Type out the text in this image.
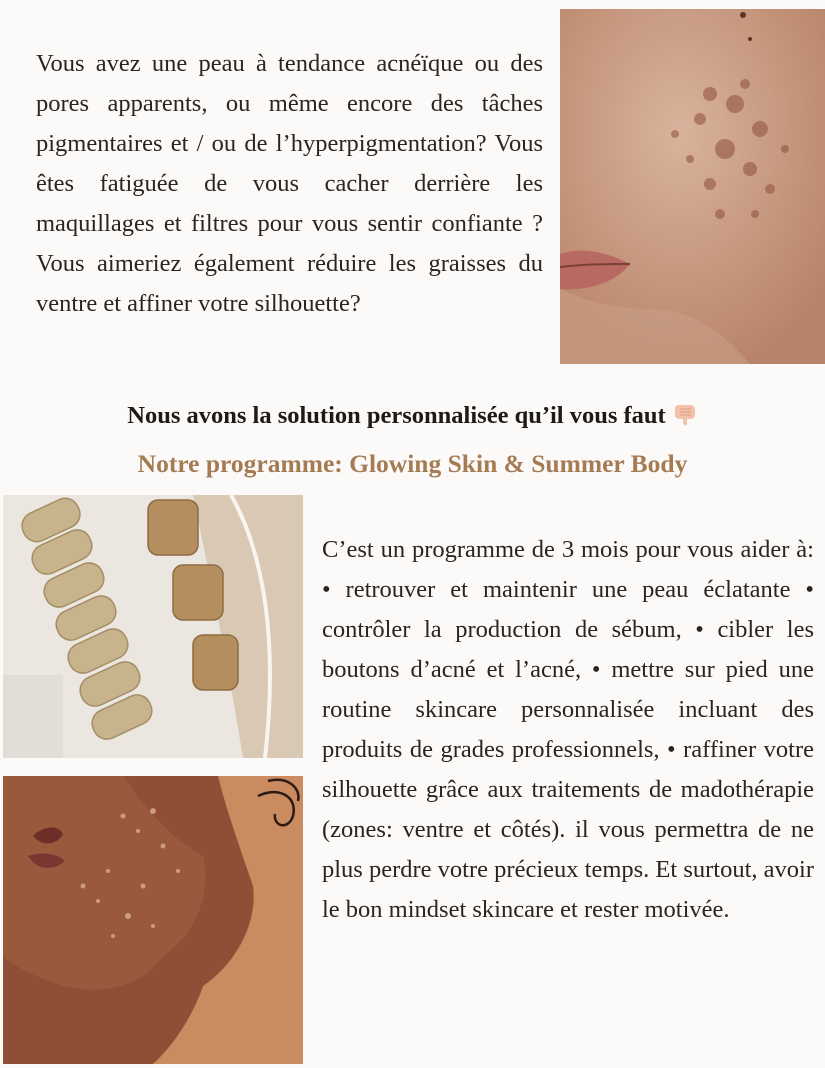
Vous avez une peau à tendance acnéïque ou des pores apparents, ou même encore des tâches pigmentaires et / ou de l’hyperpigmentation? Vous êtes fatiguée de vous cacher derrière les maquillages et filtres pour vous sentir confiante ? Vous aimeriez également réduire les graisses du ventre et affiner votre silhouette?

Nous avons la solution personnalisée qu’il vous faut

Notre programme: Glowing Skin & Summer Body

C’est un programme de 3 mois pour vous aider à: • retrouver et maintenir une peau éclatante • contrôler la production de sébum, • cibler les boutons d’acné et l’acné, • mettre sur pied une routine skincare personnalisée incluant des produits de grades professionnels, • raffiner votre silhouette grâce aux traitements de madothérapie (zones: ventre et côtés). il vous permettra de ne plus perdre votre précieux temps. Et surtout, avoir le bon mindset skincare et rester motivée.
